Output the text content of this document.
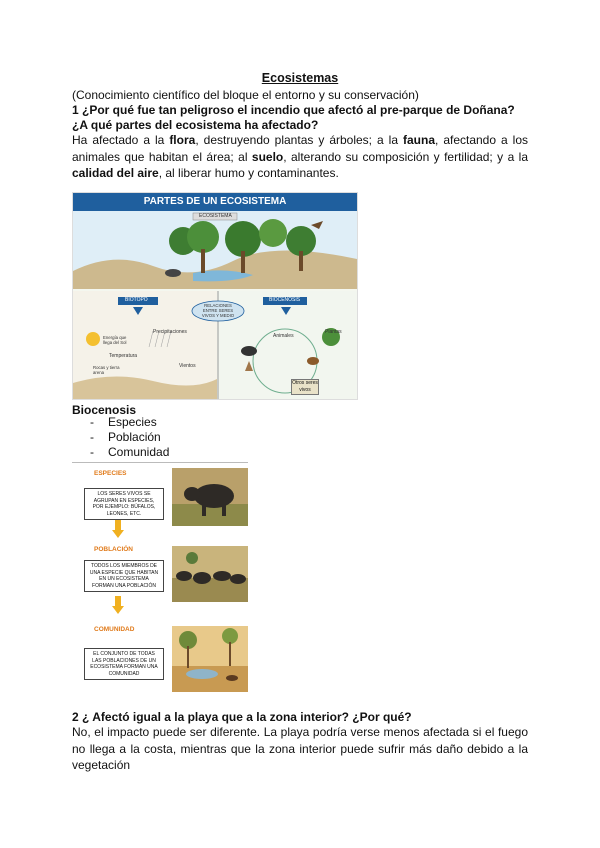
Ecosistemas
(Conocimiento científico del bloque el entorno y su conservación)
1 ¿Por qué fue tan peligroso el incendio que afectó al pre-parque de Doñana?
¿A qué partes del ecosistema ha afectado?
Ha afectado a la flora, destruyendo plantas y árboles; a la fauna, afectando a los animales que habitan el área; al suelo, alterando su composición y fertilidad; y a la calidad del aire, al liberar humo y contaminantes.
PARTES DE UN ECOSISTEMA
ECOSISTEMA
BIOTOPO	BIOCENOSIS
RELACIONES ENTRE SERES VIVOS Y MEDIO
Energía que llega del Sol
Precipitaciones
Temperatura
Rocas y tierra arena
Vientos
Plantas
Animales
Otros seres vivos
Biocenosis
- Especies
- Población
- Comunidad
ESPECIES
LOS SERES VIVOS SE AGRUPAN EN ESPECIES, POR EJEMPLO: BÚFALOS, LEONES, ETC.
POBLACIÓN
TODOS LOS MIEMBROS DE UNA ESPECIE QUE HABITAN EN UN ECOSISTEMA FORMAN UNA POBLACIÓN
COMUNIDAD
EL CONJUNTO DE TODAS LAS POBLACIONES DE UN ECOSISTEMA FORMAN UNA COMUNIDAD
2 ¿ Afectó igual a la playa que a la zona interior? ¿Por qué?
No, el impacto puede ser diferente. La playa podría verse menos afectada si el fuego no llega a la costa, mientras que la zona interior puede sufrir más daño debido a la vegetación
